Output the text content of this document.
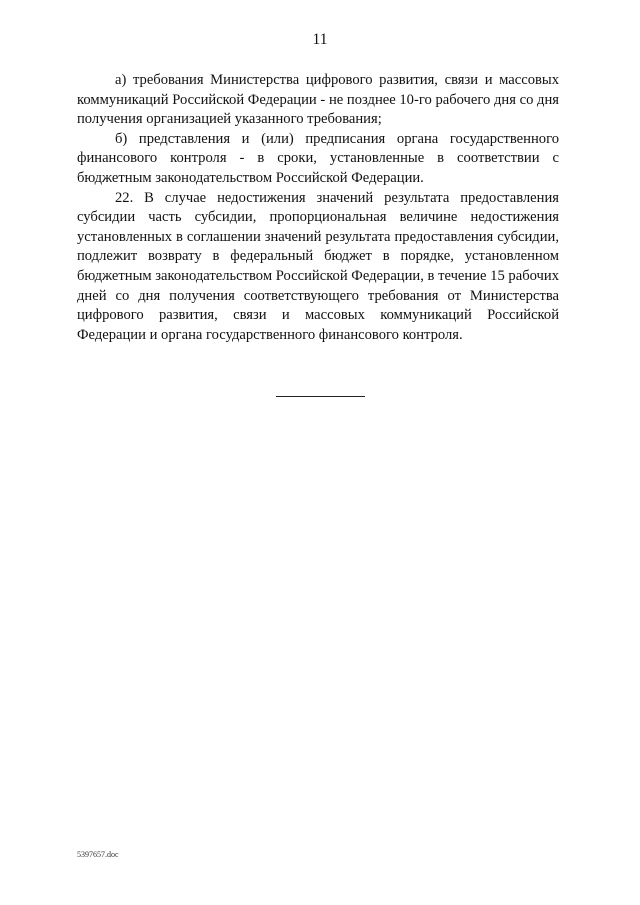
11

а) требования Министерства цифрового развития, связи и массовых коммуникаций Российской Федерации - не позднее 10-го рабочего дня со дня получения организацией указанного требования;

б) представления и (или) предписания органа государственного финансового контроля - в сроки, установленные в соответствии с бюджетным законодательством Российской Федерации.

22. В случае недостижения значений результата предоставления субсидии часть субсидии, пропорциональная величине недостижения установленных в соглашении значений результата предоставления субсидии, подлежит возврату в федеральный бюджет в порядке, установленном бюджетным законодательством Российской Федерации, в течение 15 рабочих дней со дня получения соответствующего требования от Министерства цифрового развития, связи и массовых коммуникаций Российской Федерации и органа государственного финансового контроля.

5397657.doc
